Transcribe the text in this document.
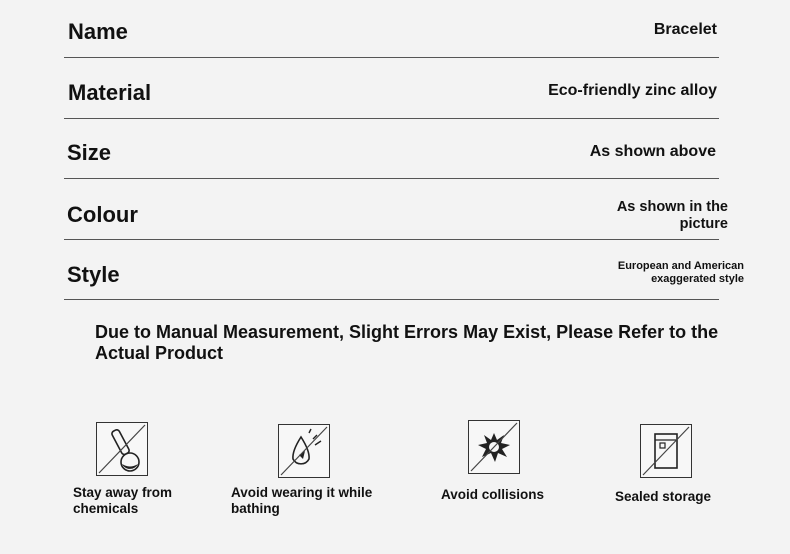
Name	Bracelet
Material	Eco-friendly zinc alloy
Size	As shown above
Colour	As shown in the picture
Style	European and American exaggerated style
Due to Manual Measurement, Slight Errors May Exist, Please Refer to the Actual Product
Stay away from chemicals
Avoid wearing it while bathing
Avoid collisions	Sealed storage
